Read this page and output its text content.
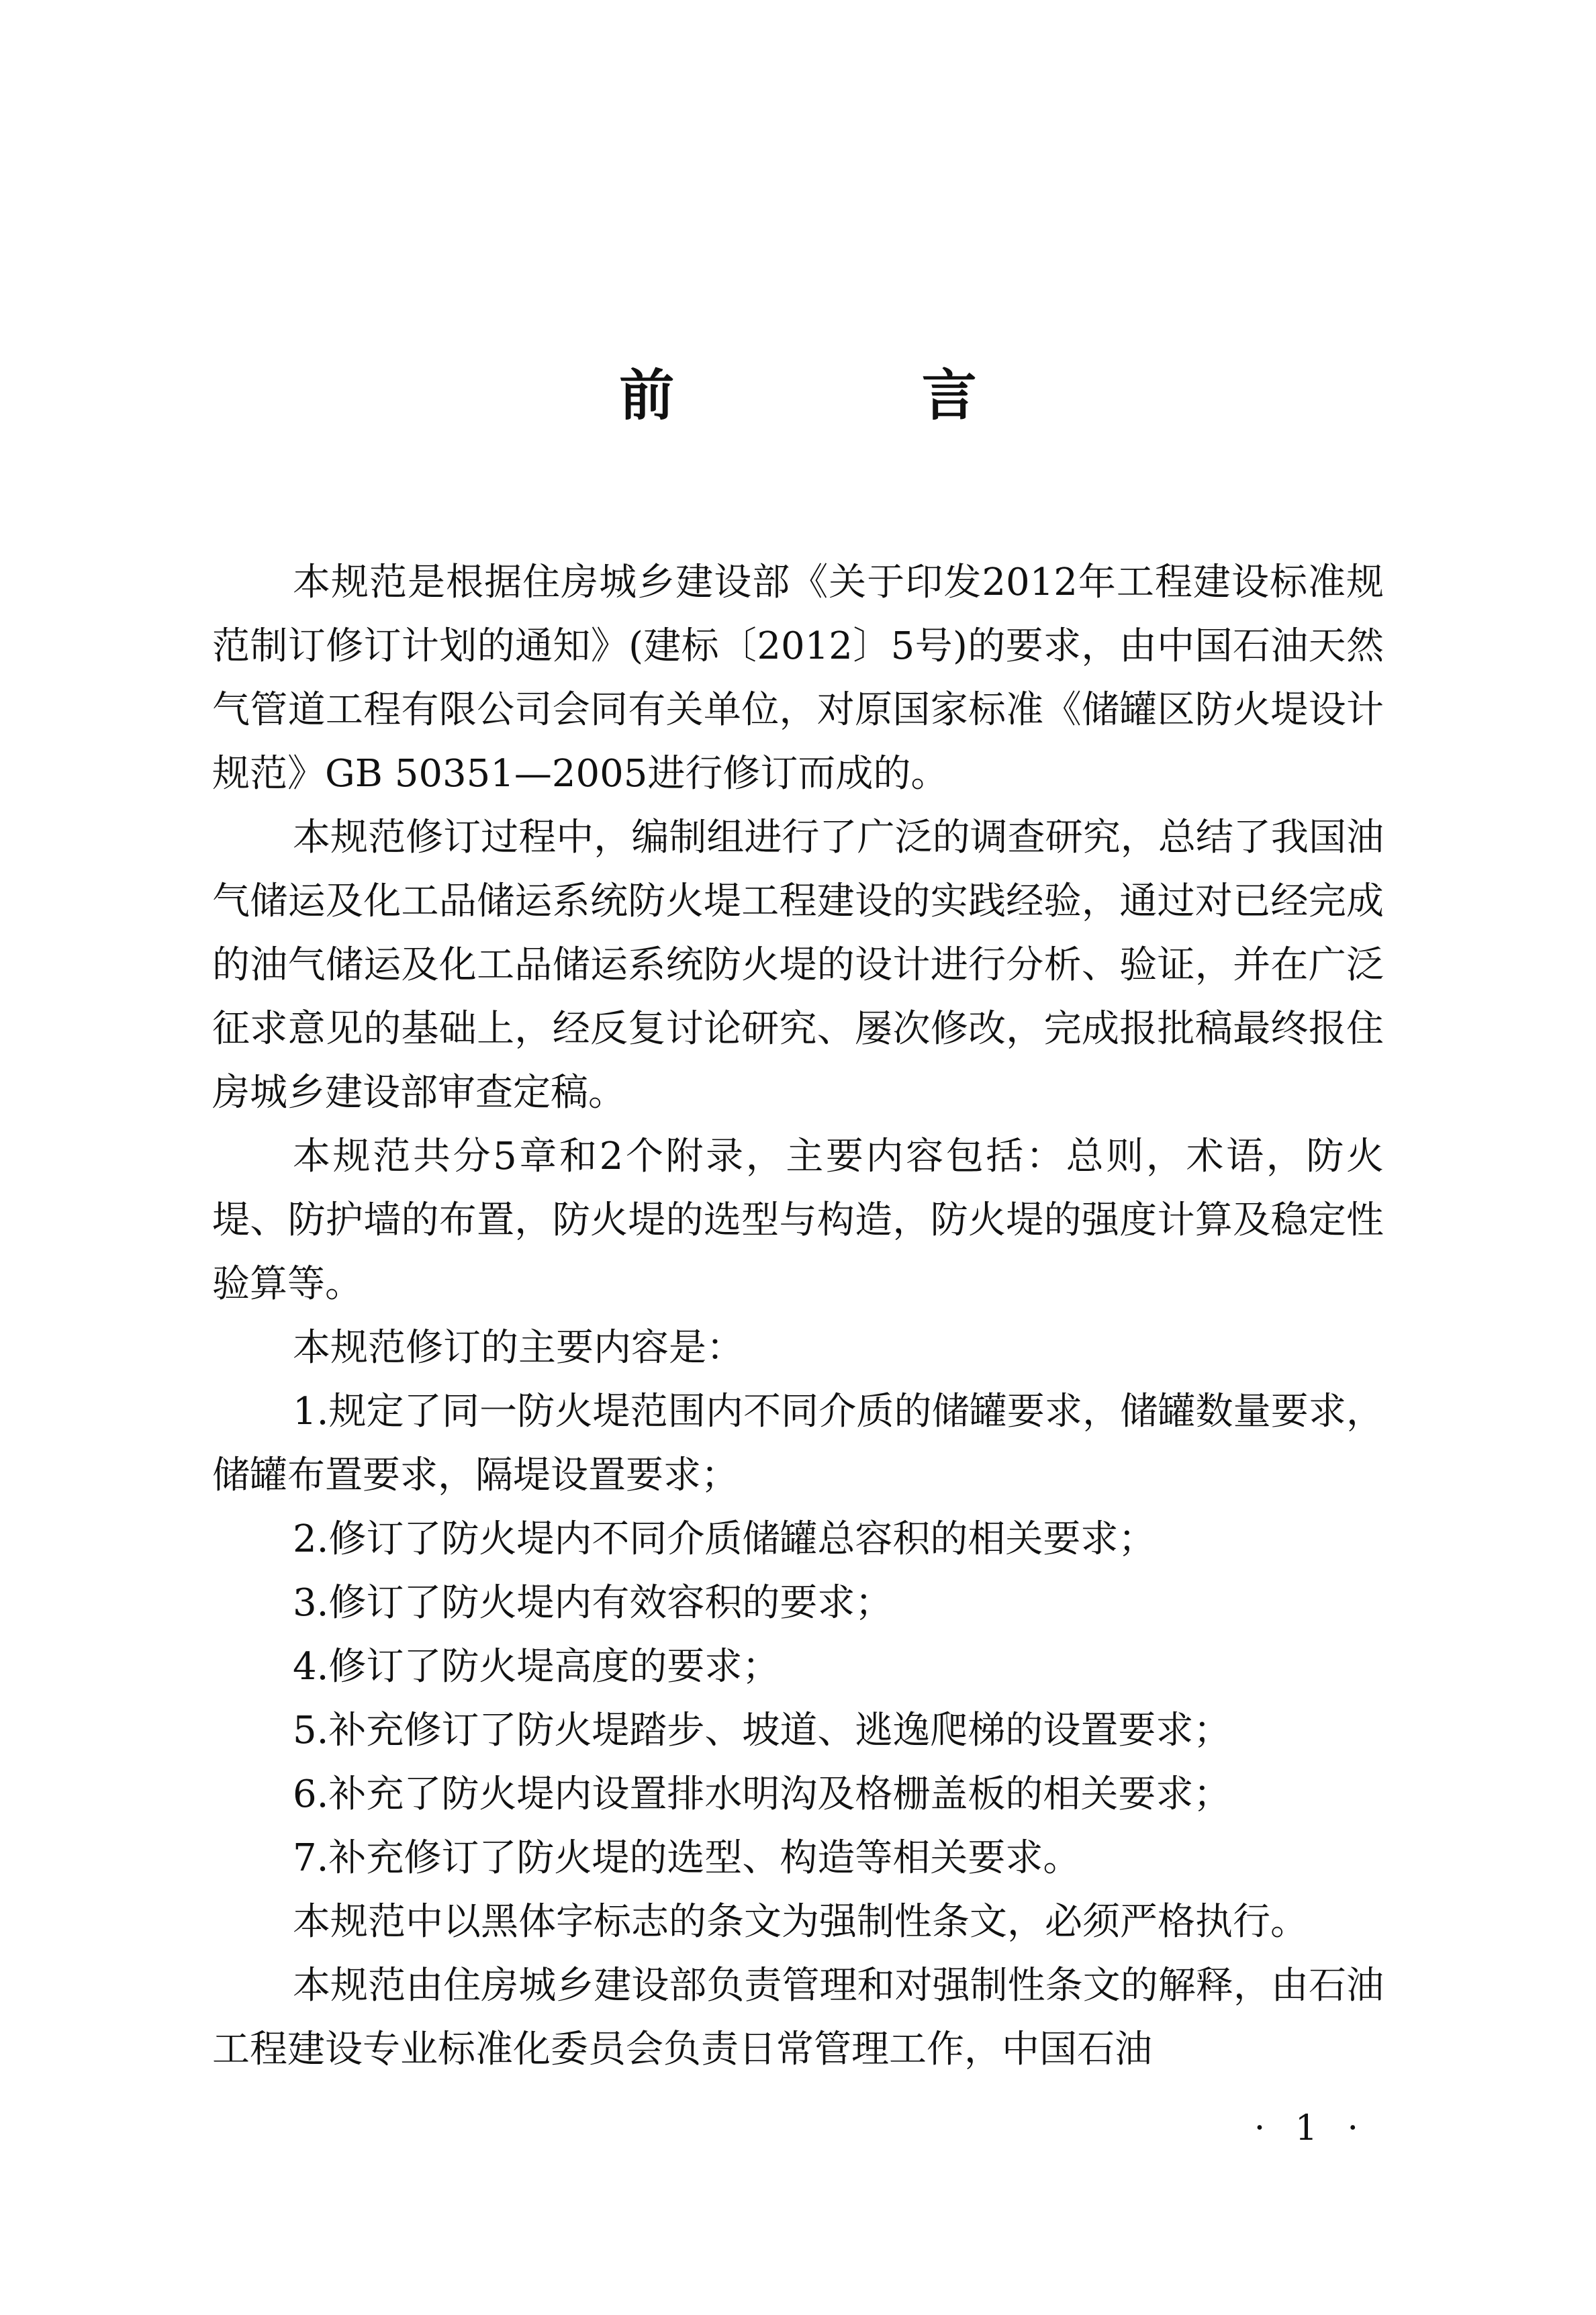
前 言

本规范是根据住房城乡建设部《关于印发2012年工程建设标准规范制订修订计划的通知》(建标〔2012〕5号)的要求，由中国石油天然气管道工程有限公司会同有关单位，对原国家标准《储罐区防火堤设计规范》GB 50351—2005进行修订而成的。

本规范修订过程中，编制组进行了广泛的调查研究，总结了我国油气储运及化工品储运系统防火堤工程建设的实践经验，通过对已经完成的油气储运及化工品储运系统防火堤的设计进行分析、验证，并在广泛征求意见的基础上，经反复讨论研究、屡次修改，完成报批稿最终报住房城乡建设部审查定稿。

本规范共分5章和2个附录，主要内容包括：总则，术语，防火堤、防护墙的布置，防火堤的选型与构造，防火堤的强度计算及稳定性验算等。

本规范修订的主要内容是：

1.规定了同一防火堤范围内不同介质的储罐要求，储罐数量要求，储罐布置要求，隔堤设置要求；

2.修订了防火堤内不同介质储罐总容积的相关要求；

3.修订了防火堤内有效容积的要求；

4.修订了防火堤高度的要求；

5.补充修订了防火堤踏步、坡道、逃逸爬梯的设置要求；

6.补充了防火堤内设置排水明沟及格栅盖板的相关要求；

7.补充修订了防火堤的选型、构造等相关要求。

本规范中以黑体字标志的条文为强制性条文，必须严格执行。

本规范由住房城乡建设部负责管理和对强制性条文的解释，由石油工程建设专业标准化委员会负责日常管理工作，中国石油

· 1 ·
